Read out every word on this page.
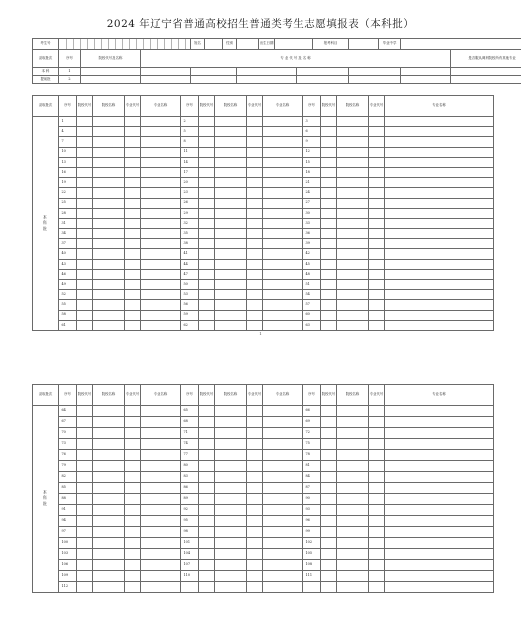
2024 年辽宁省普通高校招生普通类考生志愿填报表（本科批）
考生号				姓名		性别		出生日期			报考科目		毕业中学		
录取批次	序号	院校代号及名称	专 业 代 号 及 名 称												是否服从调剂院校所有其他专业
本 科	1														
提前批	2														
录取批次	序号	院校代号	院校名称	专业代号	专业名称	序号	院校代号	院校名称	专业代号	专业名称	序号	院校代号	院校名称	专业代号	专业名称
本科批	1					2					3				
	4					5					6				
	7					8					9				
	10					11					12				
	13					14					15				
	16					17					18				
	19					20					21				
	22					23					24				
	25					26					27				
	28					29					30				
	31					32					33				
	34					35					36				
	37					38					39				
	40					41					42				
	43					44					45				
	46					47					48				
	49					50					51				
	52					53					54				
	55					56					57				
	58					59					60				
	61					62					63				
1
录取批次	序号	院校代号	院校名称	专业代号	专业名称	序号	院校代号	院校名称	专业代号	专业名称	序号	院校代号	院校名称	专业代号	专业名称
本科批	64					65					66				
	67					68					69				
	70					71					72				
	73					74					75				
	76					77					78				
	79					80					81				
	82					83					84				
	85					86					87				
	88					89					90				
	91					92					93				
	94					95					96				
	97					98					99				
	100					101					102				
	103					104					105				
	106					107					108				
	109					110					111				
	112														
